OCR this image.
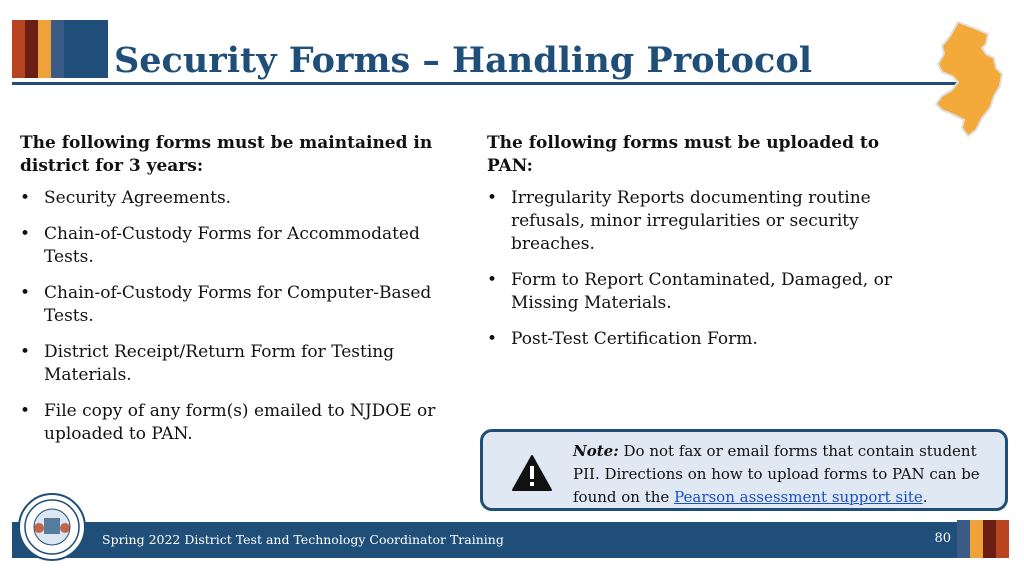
Security Forms – Handling Protocol
The following forms must be maintained in district for 3 years:
• Security Agreements.
• Chain-of-Custody Forms for Accommodated Tests.
• Chain-of-Custody Forms for Computer-Based Tests.
• District Receipt/Return Form for Testing Materials.
• File copy of any form(s) emailed to NJDOE or uploaded to PAN.
The following forms must be uploaded to PAN:
• Irregularity Reports documenting routine refusals, minor irregularities or security breaches.
• Form to Report Contaminated, Damaged, or Missing Materials.
• Post-Test Certification Form.
Note: Do not fax or email forms that contain student PII. Directions on how to upload forms to PAN can be found on the Pearson assessment support site.
Spring 2022 District Test and Technology Coordinator Training	80
